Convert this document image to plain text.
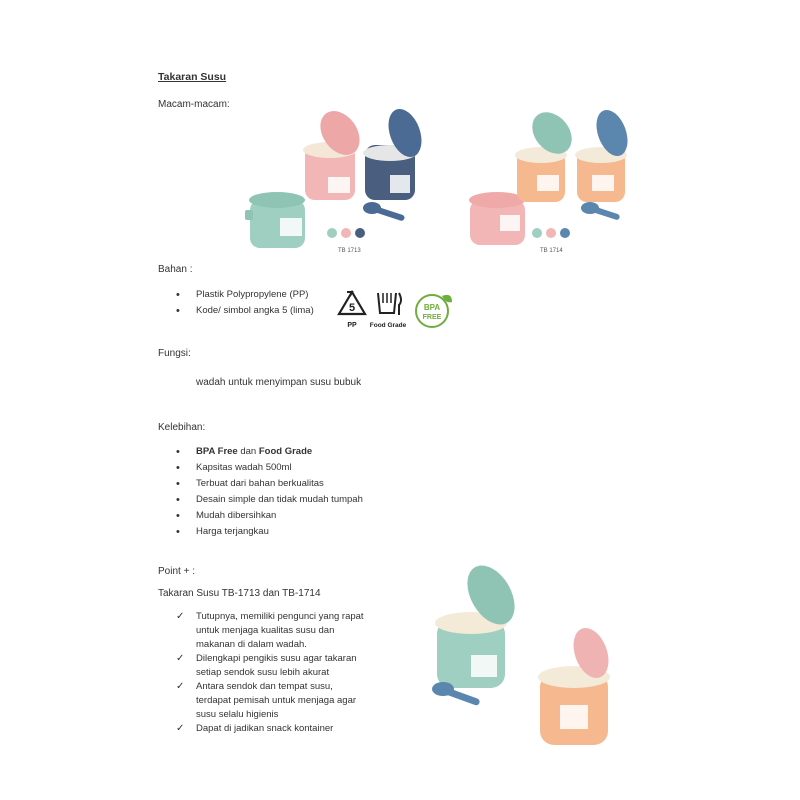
Takaran Susu
Macam-macam:
TB 1713	TB 1714
Bahan :
• Plastik Polypropylene (PP)
• Kode/ simbol angka 5 (lima)	5
PP Food Grade
BPA
FREE
Fungsi:
wadah untuk menyimpan susu bubuk
Kelebihan:
• BPA Free dan Food Grade
• Kapsitas wadah 500ml
• Terbuat dari bahan berkualitas
• Desain simple dan tidak mudah tumpah
• Mudah dibersihkan
• Harga terjangkau
Point + :
Takaran Susu TB-1713 dan TB-1714
✓ Tutupnya, memiliki pengunci yang rapat
untuk menjaga kualitas susu dan
makanan di dalam wadah.
✓ Dilengkapi pengikis susu agar takaran
setiap sendok susu lebih akurat
✓ Antara sendok dan tempat susu,
terdapat pemisah untuk menjaga agar
susu selalu higienis
✓ Dapat di jadikan snack kontainer
